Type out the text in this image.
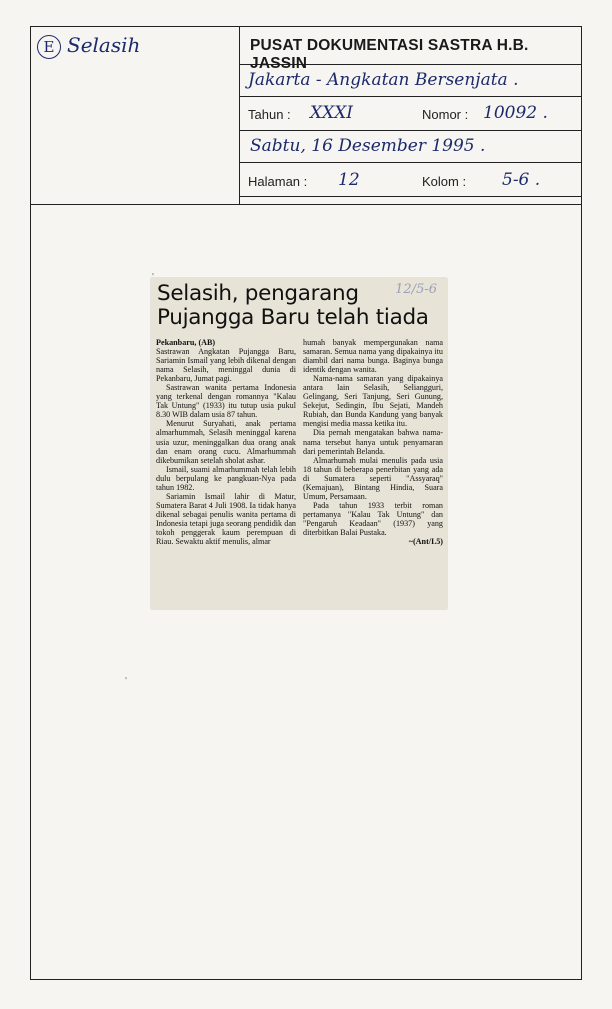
E Selasih	PUSAT DOKUMENTASI SASTRA H.B. JASSIN
Jakarta - Angkatan Bersenjata .
Tahun : XXXI	Nomor : 10092 .
Sabtu, 16 Desember 1995 .
Halaman : 12	Kolom : 5-6 .
'
12/5-6
Selasih, pengarang Pujangga Baru telah tiada
Pekanbaru, (AB)

Sastrawan Angkatan Pujangga Baru, Sariamin Ismail yang lebih dikenal dengan nama Selasih, meninggal dunia di Pekanbaru, Jumat pagi.

Sastrawan wanita pertama Indonesia yang terkenal dengan romannya "Kalau Tak Untung" (1933) itu tutup usia pukul 8.30 WIB dalam usia 87 tahun.

Menurut Suryahati, anak pertama almarhummah, Selasih meninggal karena usia uzur, meninggalkan dua orang anak dan enam orang cucu. Almarhummah dikebumikan setelah sholat ashar.

Ismail, suami almarhummah telah lebih dulu berpulang ke pangkuan-Nya pada tahun 1982.

Sariamin Ismail lahir di Matur, Sumatera Barat 4 Juli 1908. Ia tidak hanya dikenal sebagai penulis wanita pertama di Indonesia tetapi juga seorang pendidik dan tokoh penggerak kaum perempuan di Riau. Sewaktu aktif menulis, almar

humah banyak mempergunakan nama samaran. Semua nama yang dipakainya itu diambil dari nama bunga. Baginya bunga identik dengan wanita.

Nama-nama samaran yang dipakainya antara lain Selasih, Seliangguri, Gelingang, Seri Tanjung, Seri Gunung, Sekejut, Sedingin, Ibu Sejati, Mandeh Rubiah, dan Bunda Kandung yang banyak mengisi media massa ketika itu.

Dia pernah mengatakan bahwa nama-nama tersebut hanya untuk penyamaran dari pemerintah Belanda.

Almarhumah mulai menulis pada usia 18 tahun di beberapa penerbitan yang ada di Sumatera seperti "Assyaraq" (Kemajuan), Bintang Hindia, Suara Umum, Persamaan.

Pada tahun 1933 terbit roman pertamanya "Kalau Tak Untung" dan "Pengaruh Keadaan" (1937) yang diterbitkan Balai Pustaka.

~(Ant/I.5)
